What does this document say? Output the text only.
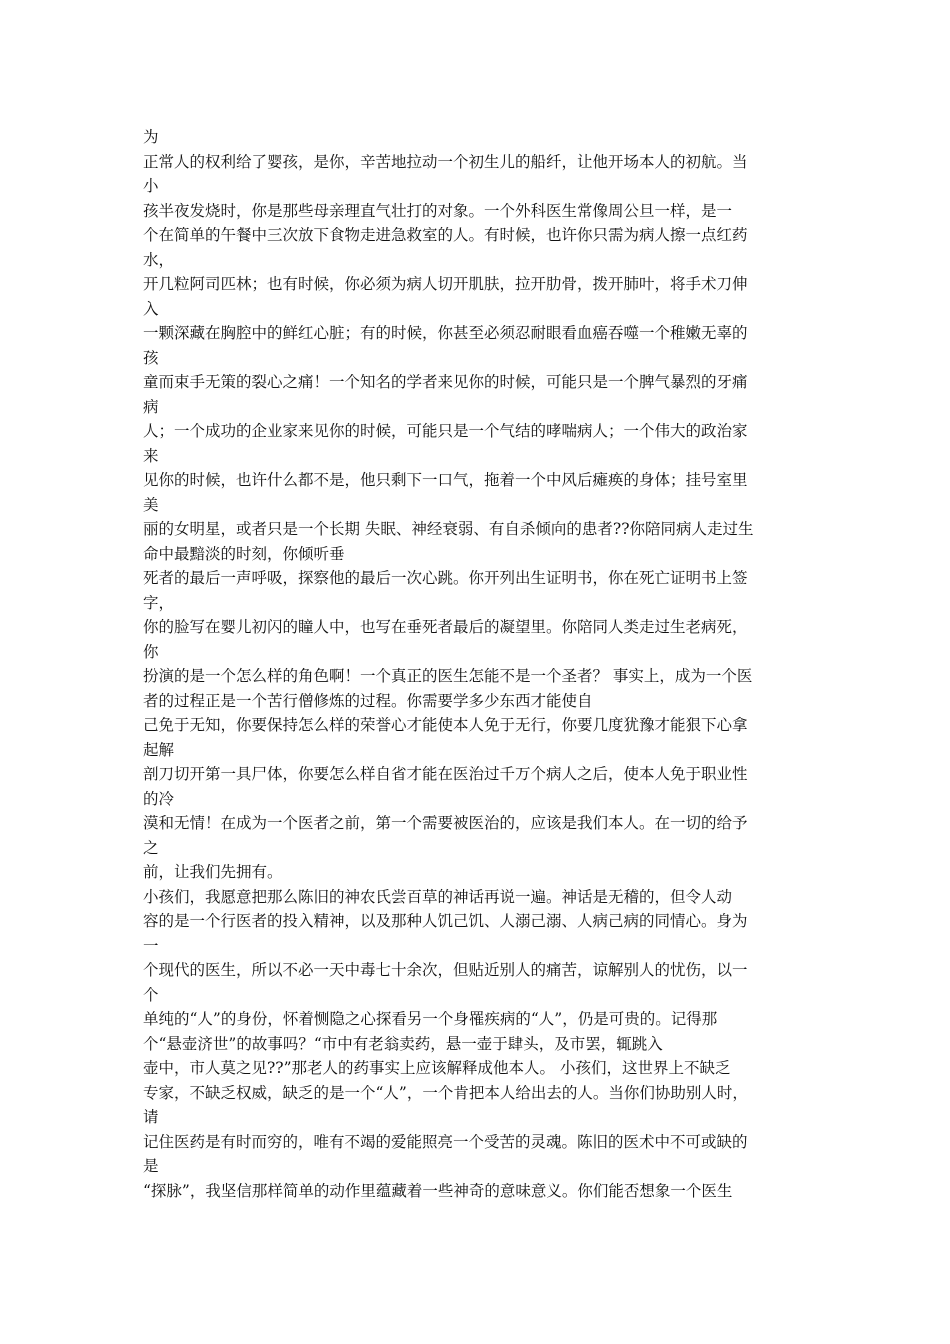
为
正常人的权利给了婴孩，是你，辛苦地拉动一个初生儿的船纤，让他开场本人的初航。当
小
孩半夜发烧时，你是那些母亲理直气壮打的对象。一个外科医生常像周公旦一样，是一
个在简单的午餐中三次放下食物走进急救室的人。有时候，也许你只需为病人擦一点红药
水，
开几粒阿司匹林；也有时候，你必须为病人切开肌肤，拉开肋骨，拨开肺叶，将手术刀伸
入
一颗深藏在胸腔中的鲜红心脏；有的时候，你甚至必须忍耐眼看血癌吞噬一个稚嫩无辜的
孩
童而束手无策的裂心之痛！一个知名的学者来见你的时候，可能只是一个脾气暴烈的牙痛
病
人；一个成功的企业家来见你的时候，可能只是一个气结的哮喘病人；一个伟大的政治家
来
见你的时候，也许什么都不是，他只剩下一口气，拖着一个中风后瘫痪的身体；挂号室里
美
丽的女明星，或者只是一个长期 失眠、神经衰弱、有自杀倾向的患者??你陪同病人走过生
命中最黯淡的时刻，你倾听垂
死者的最后一声呼吸，探察他的最后一次心跳。你开列出生证明书，你在死亡证明书上签
字，
你的脸写在婴儿初闪的瞳人中，也写在垂死者最后的凝望里。你陪同人类走过生老病死，
你
扮演的是一个怎么样的角色啊！一个真正的医生怎能不是一个圣者？ 事实上，成为一个医
者的过程正是一个苦行僧修炼的过程。你需要学多少东西才能使自
己免于无知，你要保持怎么样的荣誉心才能使本人免于无行，你要几度犹豫才能狠下心拿
起解
剖刀切开第一具尸体，你要怎么样自省才能在医治过千万个病人之后，使本人免于职业性
的冷
漠和无情！在成为一个医者之前，第一个需要被医治的，应该是我们本人。在一切的给予
之
前，让我们先拥有。
小孩们，我愿意把那么陈旧的神农氏尝百草的神话再说一遍。神话是无稽的，但令人动
容的是一个行医者的投入精神，以及那种人饥己饥、人溺己溺、人病己病的同情心。身为
一
个现代的医生，所以不必一天中毒七十余次，但贴近别人的痛苦，谅解别人的忧伤，以一
个
单纯的“人”的身份，怀着恻隐之心探看另一个身罹疾病的“人”，仍是可贵的。记得那
个“悬壶济世”的故事吗？“市中有老翁卖药，悬一壶于肆头，及市罢，辄跳入
壶中，市人莫之见??”那老人的药事实上应该解释成他本人。 小孩们，这世界上不缺乏
专家，不缺乏权威，缺乏的是一个“人”，一个肯把本人给出去的人。当你们协助别人时，
请
记住医药是有时而穷的，唯有不竭的爱能照亮一个受苦的灵魂。陈旧的医术中不可或缺的
是
“探脉”，我坚信那样简单的动作里蕴藏着一些神奇的意味意义。你们能否想象一个医生
